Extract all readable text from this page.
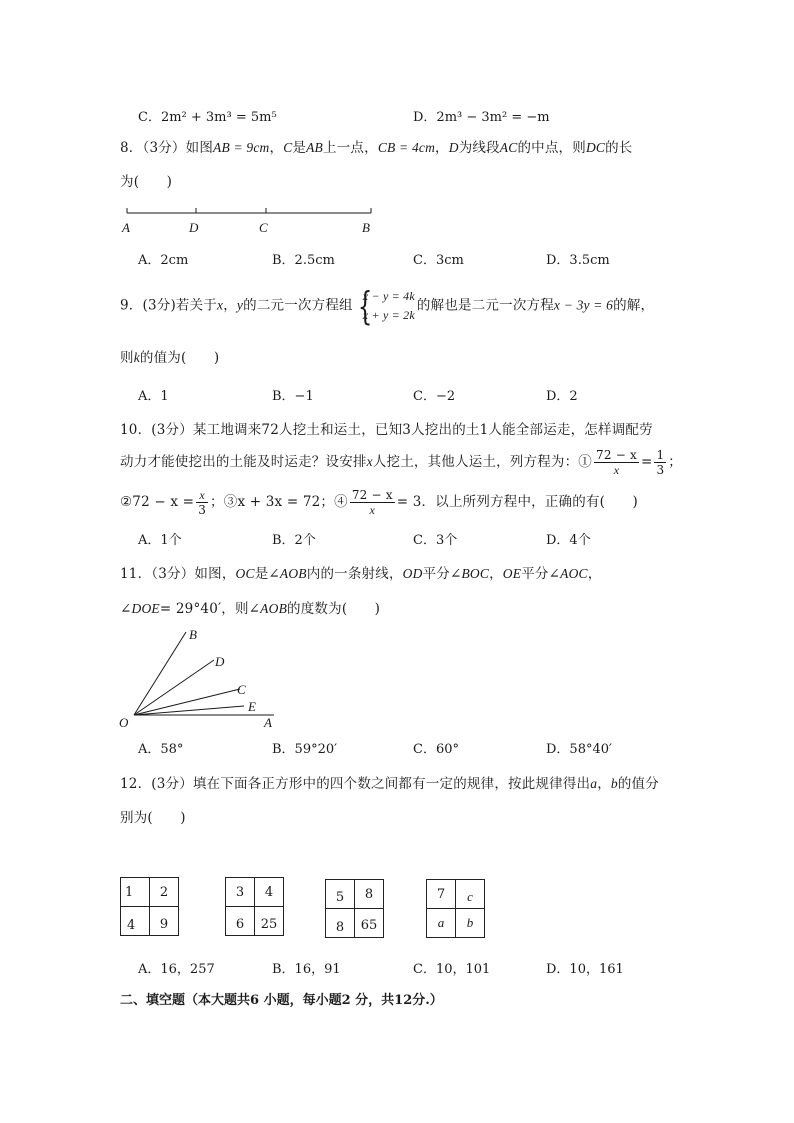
C．2m² + 3m³ = 5m⁵	D．2m³ − 3m² = −m
8．（3分）如图AB = 9cm，C是AB上一点，CB = 4cm，D为线段AC的中点，则DC的长
为(　　)
A	D	C	B
A．2cm	B．2.5cm	C．3cm	D．3.5cm
9．(3分)若关于x，y的二元一次方程组 {
x − y = 4k
x + y = 2k
的解也是二元一次方程x − 3y = 6的解，
则k的值为(　　)
A．1	B．−1	C．−2	D．2
10．(3分）某工地调来72人挖土和运土，已知3人挖出的土1人能全部运走，怎样调配劳
动力才能使挖出的土能及时运走？设安排x人挖土，其他人运土，列方程为：① $\frac{72 - x}{x} = \frac{1}{3}$ ；
②72 − $x = \frac{x}{3}$ ；③x + 3x = 72；④ $\frac{72 - x}{x} = 3$．以上所列方程中，正确的有(　　)
A．1个	B．2个	C．3个	D．4个
11．（3分）如图，OC是∠AOB内的一条射线，OD平分∠BOC，OE平分∠AOC，
∠DOE= 29°40′，则∠AOB的度数为(　　)
O	A
E
C
D
B
A．58°	B．59°20′	C．60°	D．58°40′
12．(3分）填在下面各正方形中的四个数之间都有一定的规律，按此规律得出a，b的值分
别为(　　)
1	2

4	9
3	4

6	25
5	8

8	65
7	c

a	b
A．16，257	B．16，91	C．10，101	D．10，161
二、填空题（本大题共6 小题，每小题2 分，共12分.）
